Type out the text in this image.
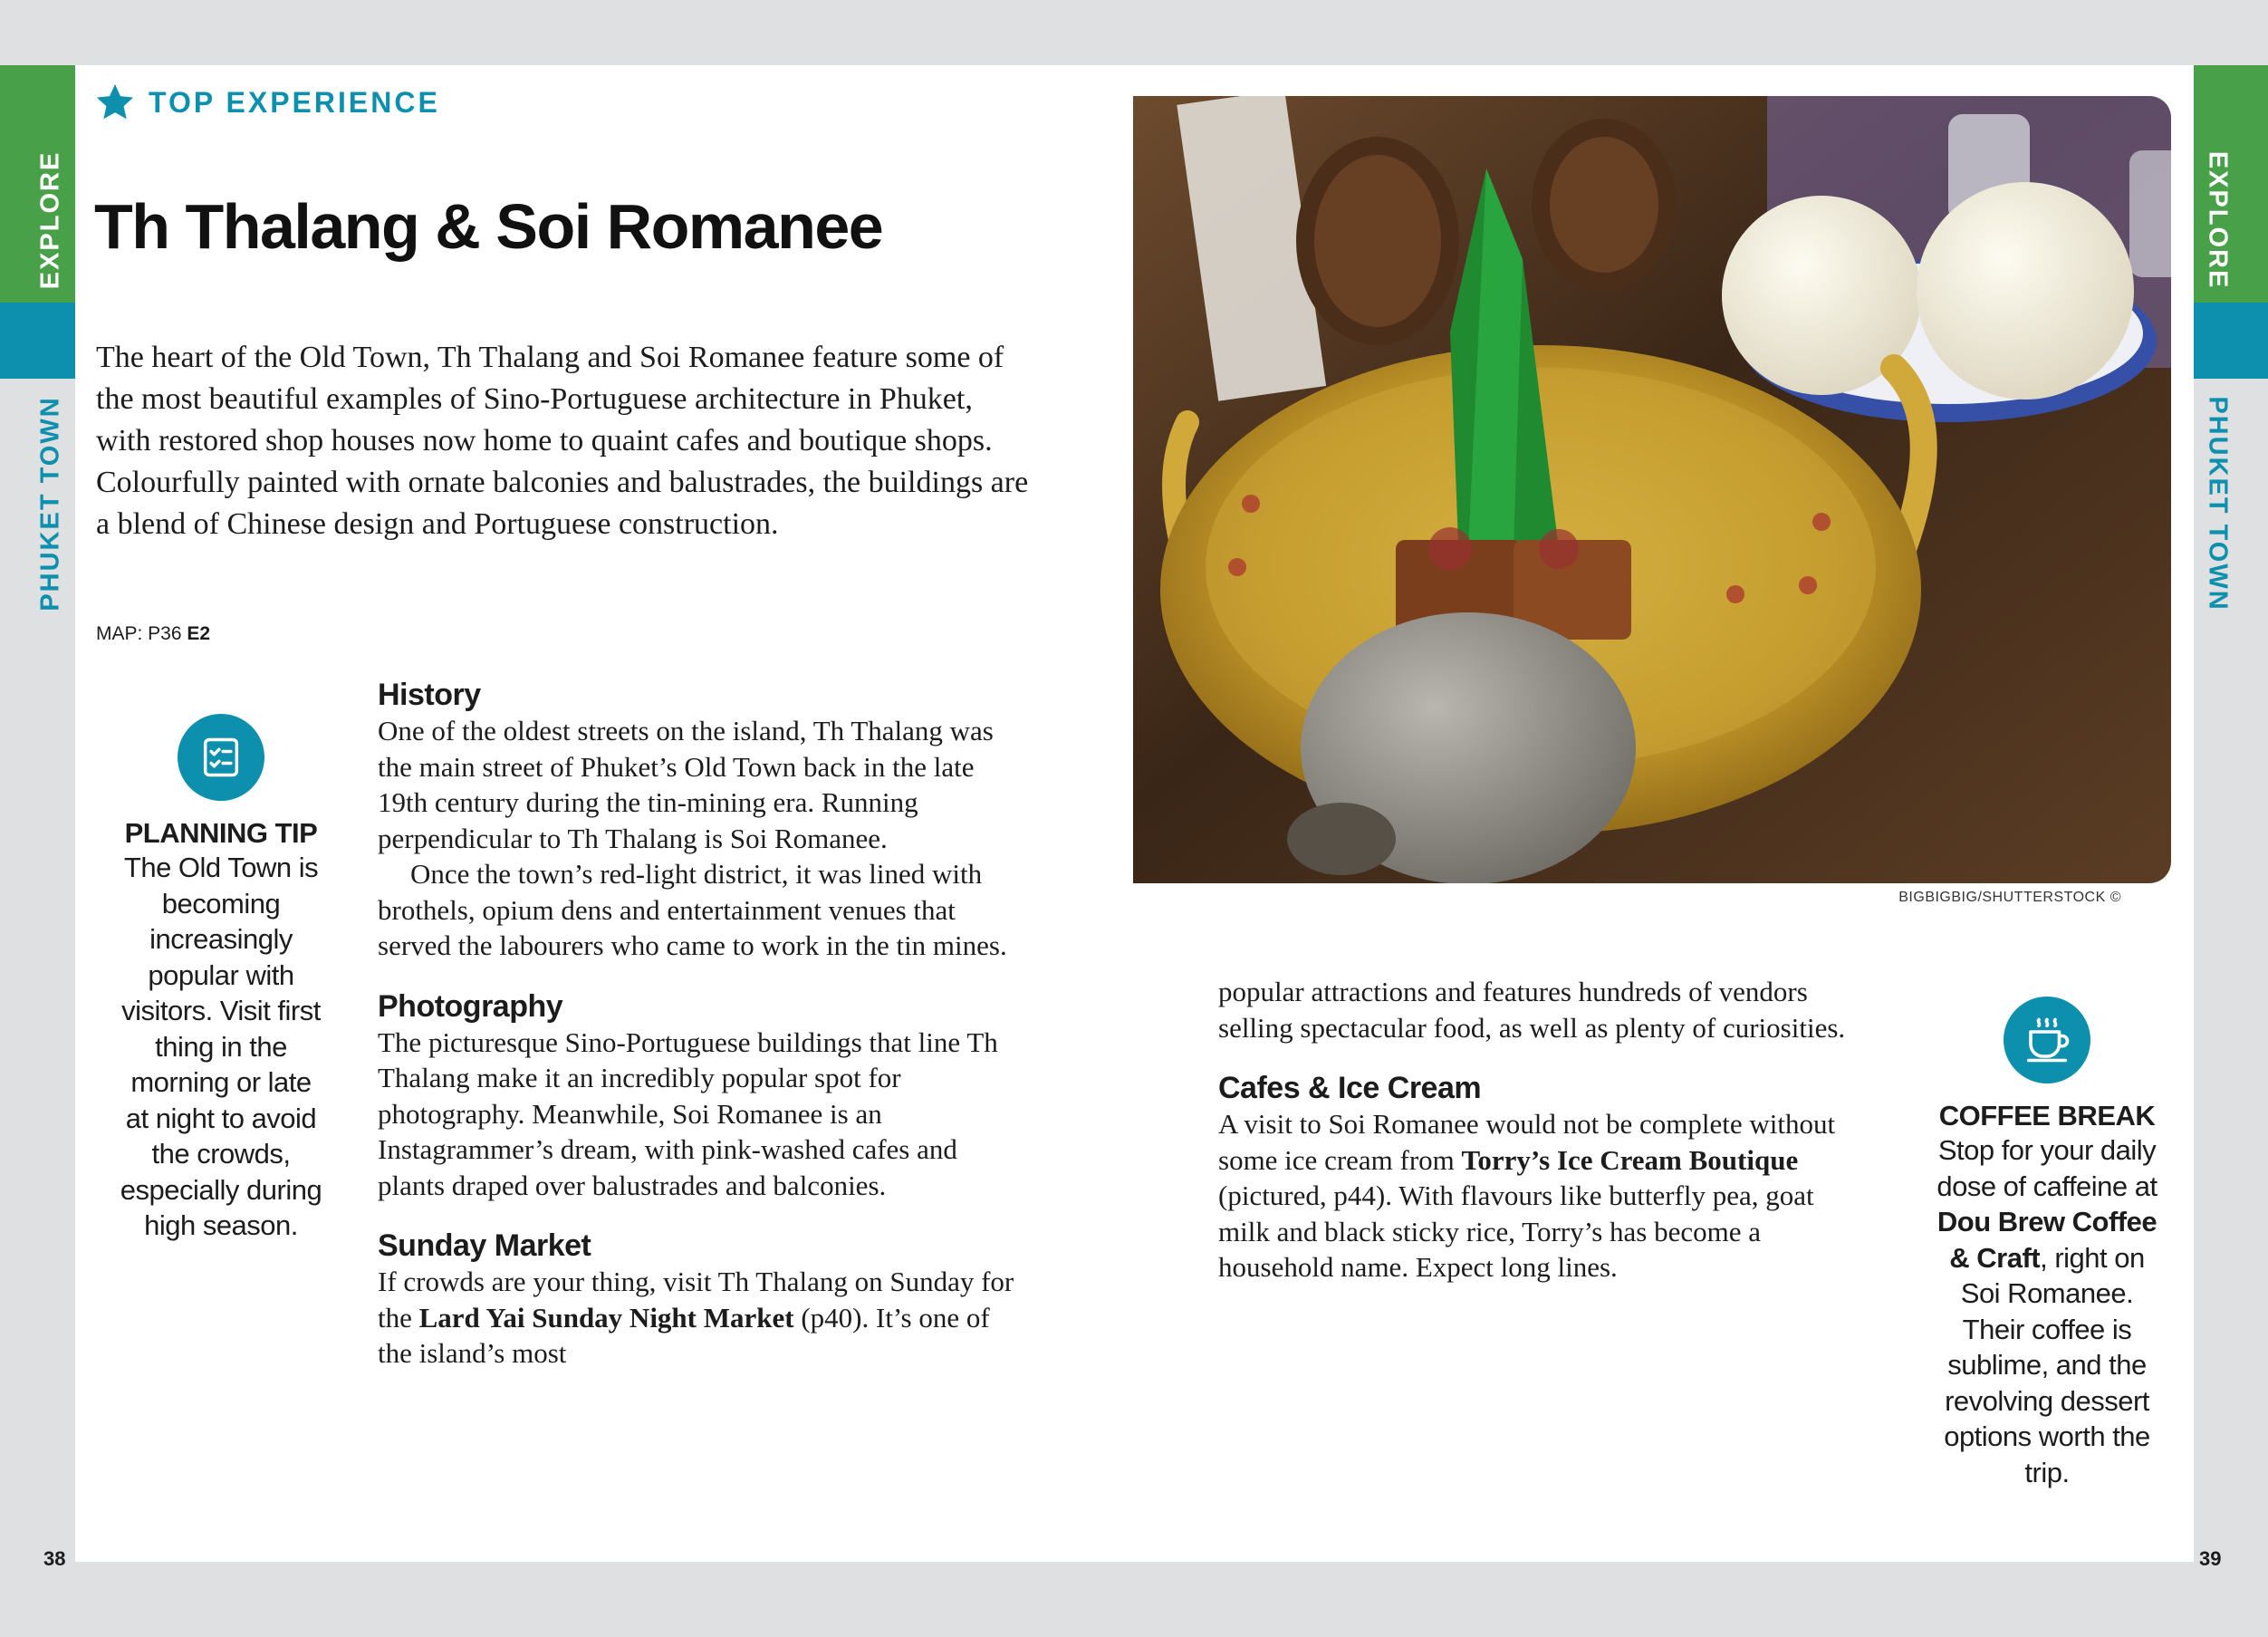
EXPLORE
PHUKET TOWN
EXPLORE
PHUKET TOWN
TOP EXPERIENCE
Th Thalang & Soi Romanee

The heart of the Old Town, Th Thalang and Soi Romanee feature some of the most beautiful examples of Sino-Portuguese architecture in Phuket, with restored shop houses now home to quaint cafes and boutique shops. Colourfully painted with ornate balconies and balustrades, the buildings are a blend of Chinese design and Portuguese construction.

MAP: P36 E2

PLANNING TIP

The Old Town is becoming increasingly popular with visitors. Visit first thing in the morning or late at night to avoid the crowds, especially during high season.

History

One of the oldest streets on the island, Th Thalang was the main street of Phuket’s Old Town back in the late 19th century during the tin-mining era. Running perpendicular to Th Thalang is Soi Romanee.

Once the town’s red-light district, it was lined with brothels, opium dens and entertainment venues that served the labourers who came to work in the tin mines.

Photography

The picturesque Sino-Portuguese buildings that line Th Thalang make it an incredibly popular spot for photography. Meanwhile, Soi Romanee is an Instagrammer’s dream, with pink-washed cafes and plants draped over balustrades and balconies.

Sunday Market

If crowds are your thing, visit Th Thalang on Sunday for the Lard Yai Sunday Night Market (p40). It’s one of the island’s most

BIGBIGBIG/SHUTTERSTOCK ©

popular attractions and features hundreds of vendors selling spectacular food, as well as plenty of curiosities.

Cafes & Ice Cream

A visit to Soi Romanee would not be complete without some ice cream from Torry’s Ice Cream Boutique (pictured, p44). With flavours like butterfly pea, goat milk and black sticky rice, Torry’s has become a household name. Expect long lines.

COFFEE BREAK

Stop for your daily dose of caffeine at Dou Brew Coffee & Craft, right on Soi Romanee. Their coffee is sublime, and the revolving dessert options worth the trip.

38	39
